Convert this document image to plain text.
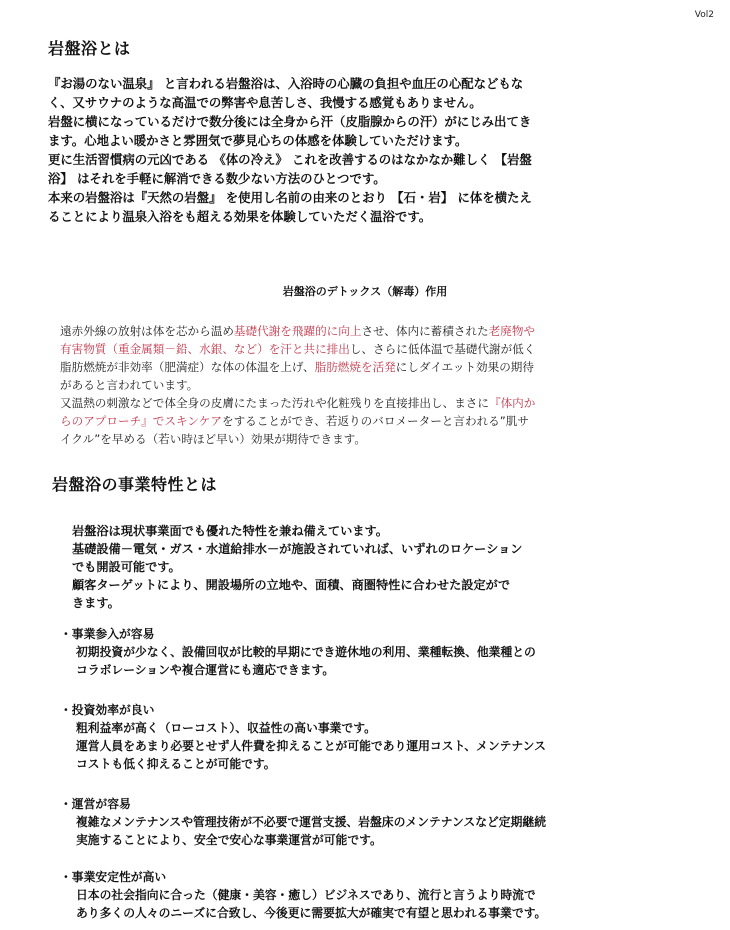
Vol2
岩盤浴とは

『お湯のない温泉』 と言われる岩盤浴は、入浴時の心臓の負担や血圧の心配などもな

く、又サウナのような高温での弊害や息苦しさ、我慢する感覚もありません。

岩盤に横になっているだけで数分後には全身から汗（皮脂腺からの汗）がにじみ出てき

ます。心地よい暖かさと雰囲気で夢見心ちの体感を体験していただけます。

更に生活習慣病の元凶である 《体の冷え》 これを改善するのはなかなか難しく 【岩盤

浴】 はそれを手軽に解消できる数少ない方法のひとつです。

本来の岩盤浴は『天然の岩盤』 を使用し名前の由来のとおり 【石・岩】 に体を横たえ

ることにより温泉入浴をも超える効果を体験していただく温浴です。

岩盤浴のデトックス（解毒）作用

遠赤外線の放射は体を芯から温め基礎代謝を飛躍的に向上させ、体内に蓄積された老廃物や

有害物質（重金属類－鉛、水銀、など）を汗と共に排出し、さらに低体温で基礎代謝が低く

脂肪燃焼が非効率（肥満症）な体の体温を上げ、脂肪燃焼を活発にしダイエット効果の期待

があると言われています。

又温熱の刺激などで体全身の皮膚にたまった汚れや化粧残りを直接排出し、まさに『体内か

らのアプローチ』でスキンケアをすることができ、若返りのバロメーターと言われる”肌サ

イクル”を早める（若い時ほど早い）効果が期待できます。

岩盤浴の事業特性とは

岩盤浴は現状事業面でも優れた特性を兼ね備えています。

基礎設備－電気・ガス・水道給排水－が施設されていれば、いずれのロケーション

でも開設可能です。

顧客ターゲットにより、開設場所の立地や、面積、商圏特性に合わせた設定がで

きます。

・事業参入が容易

初期投資が少なく、設備回収が比較的早期にでき遊休地の利用、業種転換、他業種との

コラボレーションや複合運営にも適応できます。

・投資効率が良い

粗利益率が高く（ローコスト）、収益性の高い事業です。

運営人員をあまり必要とせず人件費を抑えることが可能であり運用コスト、メンテナンス

コストも低く抑えることが可能です。

・運営が容易

複雑なメンテナンスや管理技術が不必要で運営支援、岩盤床のメンテナンスなど定期継続

実施することにより、安全で安心な事業運営が可能です。

・事業安定性が高い

日本の社会指向に合った（健康・美容・癒し）ビジネスであり、流行と言うより時流で

あり多くの人々のニーズに合致し、今後更に需要拡大が確実で有望と思われる事業です。
